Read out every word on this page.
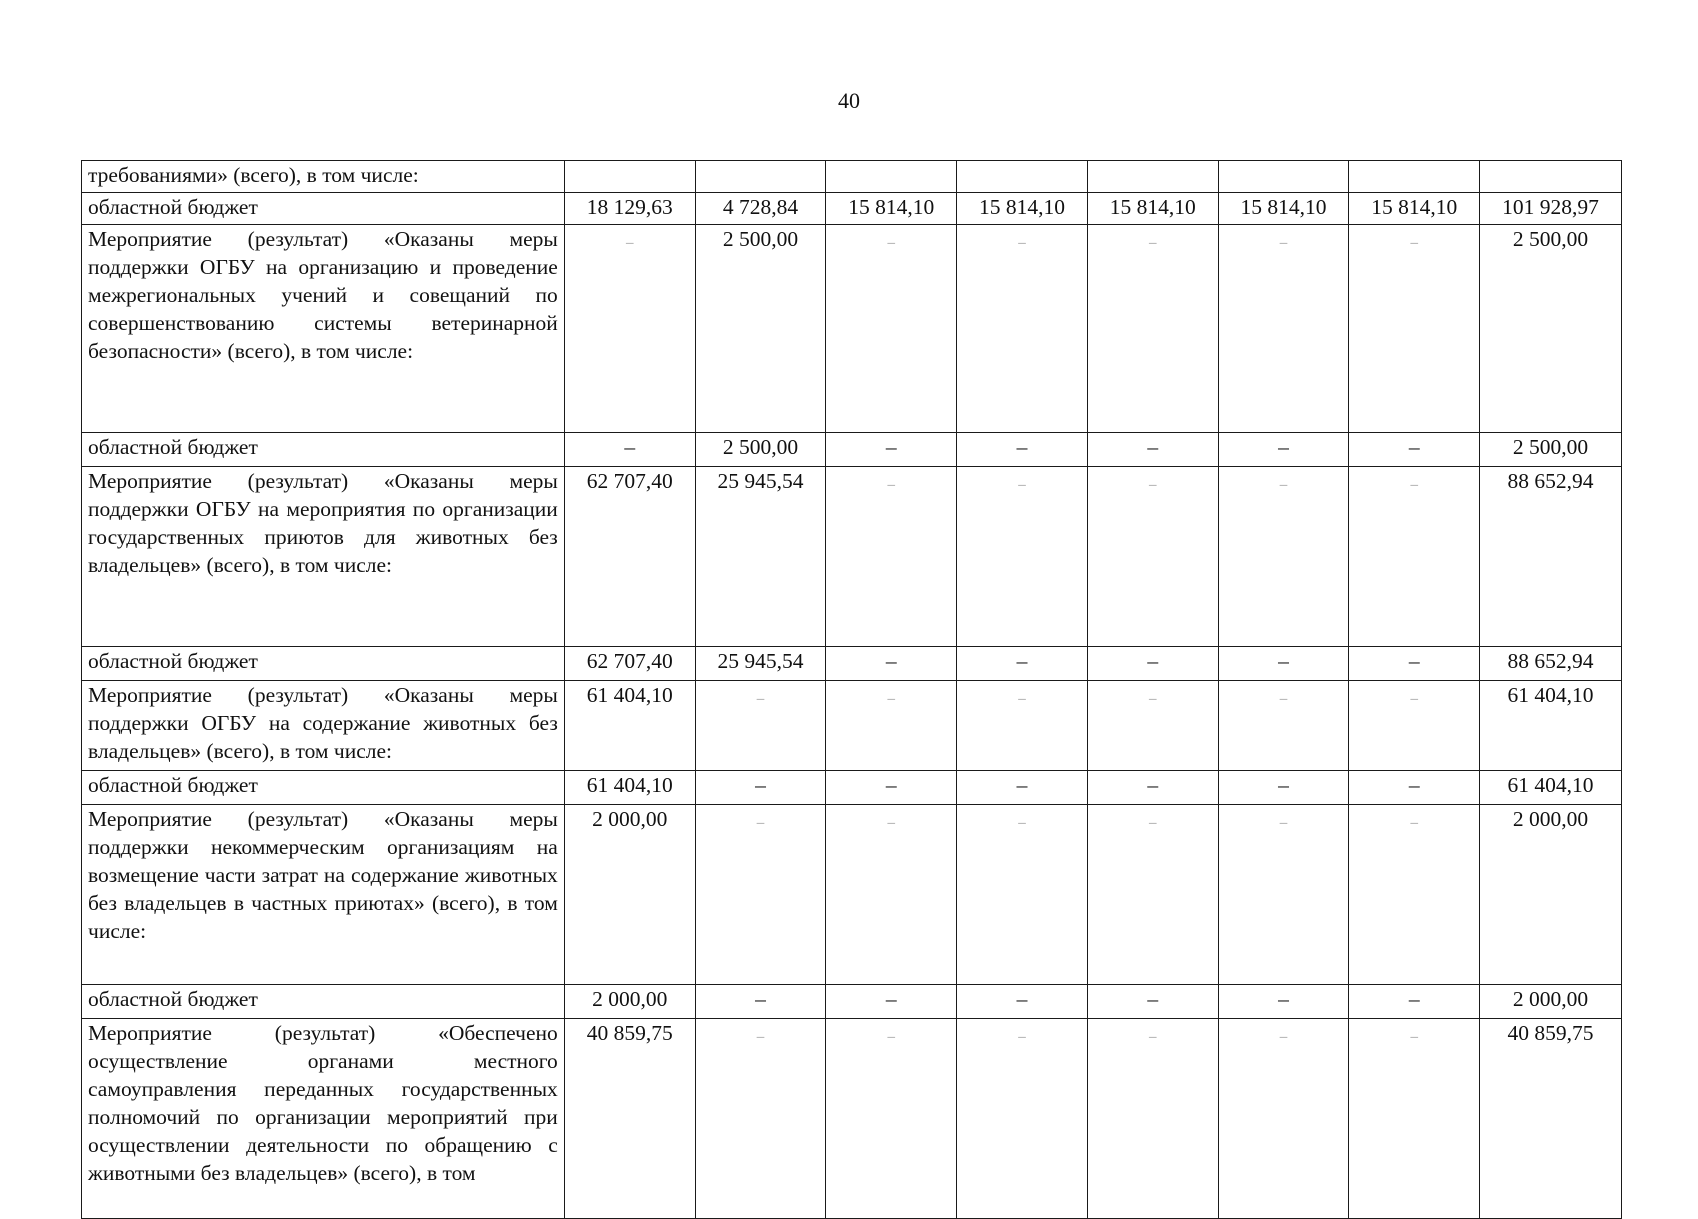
40
требованиями» (всего), в том числе:								
областной бюджет	18 129,63	4 728,84	15 814,10	15 814,10	15 814,10	15 814,10	15 814,10	101 928,97
Мероприятие (результат) «Оказаны меры поддержки ОГБУ на организацию и проведение межрегиональных учений и совещаний по совершенствованию системы ветеринарной безопасности» (всего), в том числе:	–	2 500,00	–	–	–	–	–	2 500,00
областной бюджет	–	2 500,00	–	–	–	–	–	2 500,00
Мероприятие (результат) «Оказаны меры поддержки ОГБУ на мероприятия по организации государственных приютов для животных без владельцев» (всего), в том числе:	62 707,40	25 945,54	–	–	–	–	–	88 652,94
областной бюджет	62 707,40	25 945,54	–	–	–	–	–	88 652,94
Мероприятие (результат) «Оказаны меры поддержки ОГБУ на содержание животных без владельцев» (всего), в том числе:	61 404,10	–	–	–	–	–	–	61 404,10
областной бюджет	61 404,10	–	–	–	–	–	–	61 404,10
Мероприятие (результат) «Оказаны меры поддержки некоммерческим организациям на возмещение части затрат на содержание животных без владельцев в частных приютах» (всего), в том числе:	2 000,00	–	–	–	–	–	–	2 000,00
областной бюджет	2 000,00	–	–	–	–	–	–	2 000,00
Мероприятие (результат) «Обеспечено осуществление органами местного самоуправления переданных государственных полномочий по организации мероприятий при осуществлении деятельности по обращению с животными без владельцев» (всего), в том	40 859,75	–	–	–	–	–	–	40 859,75
